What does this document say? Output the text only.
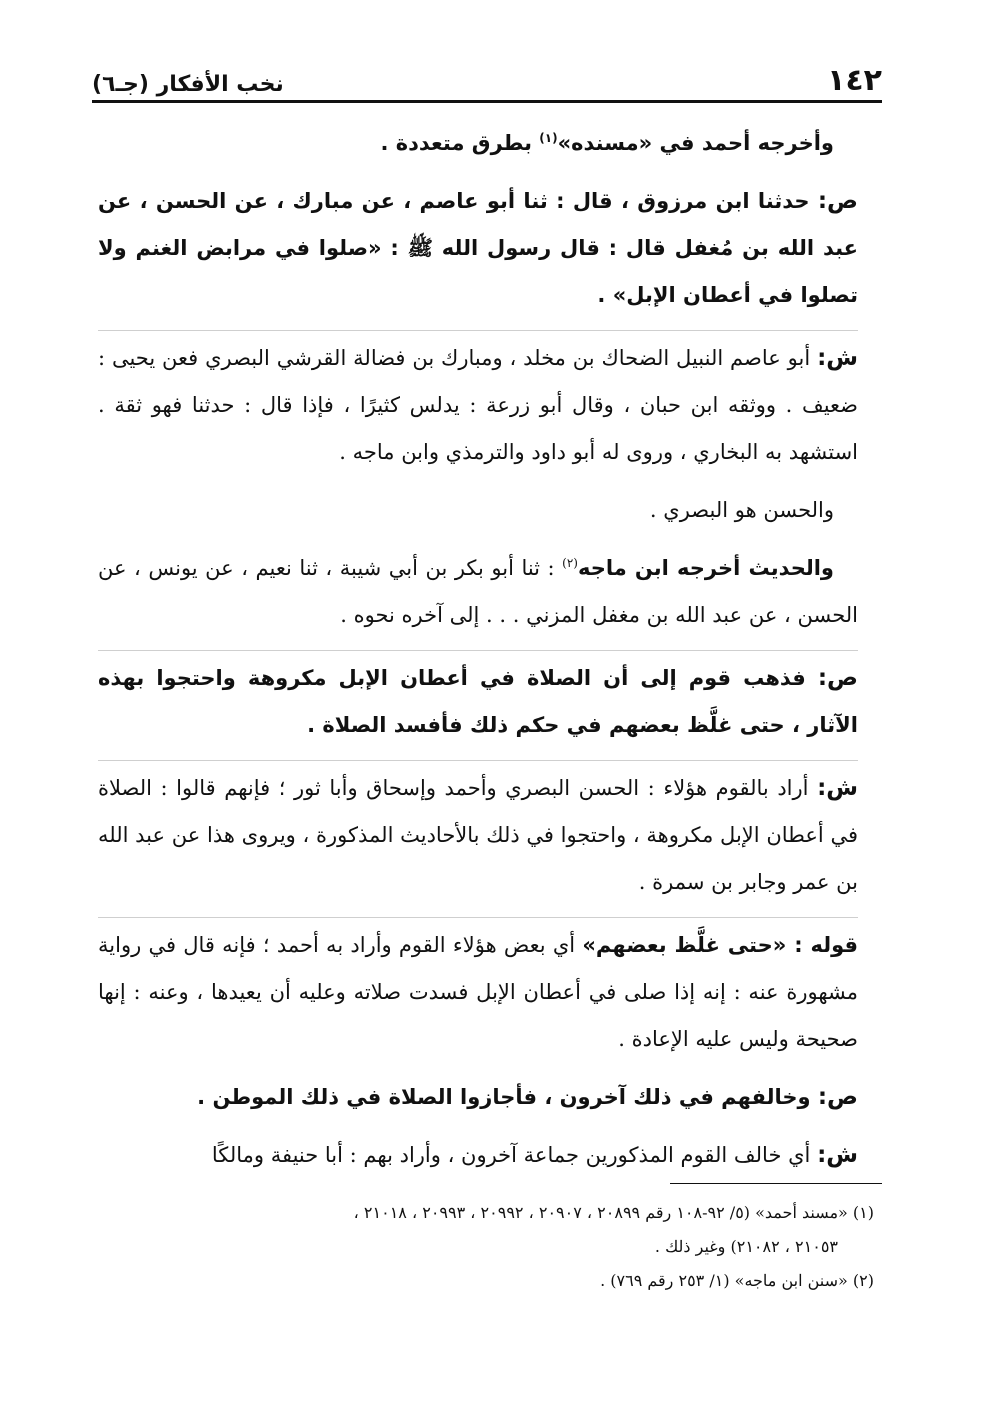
١٤٢
نخب الأفكار (جـ٦)

وأخرجه أحمد في «مسنده»$^{(١)}$ بطرق متعددة .

ص: حدثنا ابن مرزوق ، قال : ثنا أبو عاصم ، عن مبارك ، عن الحسن ، عن عبد الله بن مُغفل قال : قال رسول الله ﷺ : «صلوا في مرابض الغنم ولا تصلوا في أعطان الإبل» .

ش: أبو عاصم النبيل الضحاك بن مخلد ، ومبارك بن فضالة القرشي البصري فعن يحيى : ضعيف . ووثقه ابن حبان ، وقال أبو زرعة : يدلس كثيرًا ، فإذا قال : حدثنا فهو ثقة . استشهد به البخاري ، وروى له أبو داود والترمذي وابن ماجه .

والحسن هو البصري .

والحديث أخرجه ابن ماجه$^{(٢)}$ : ثنا أبو بكر بن أبي شيبة ، ثنا نعيم ، عن يونس ، عن الحسن ، عن عبد الله بن مغفل المزني . . . إلى آخره نحوه .

ص: فذهب قوم إلى أن الصلاة في أعطان الإبل مكروهة واحتجوا بهذه الآثار ، حتى غلَّظ بعضهم في حكم ذلك فأفسد الصلاة .

ش: أراد بالقوم هؤلاء : الحسن البصري وأحمد وإسحاق وأبا ثور ؛ فإنهم قالوا : الصلاة في أعطان الإبل مكروهة ، واحتجوا في ذلك بالأحاديث المذكورة ، ويروى هذا عن عبد الله بن عمر وجابر بن سمرة .

قوله : «حتى غلَّظ بعضهم» أي بعض هؤلاء القوم وأراد به أحمد ؛ فإنه قال في رواية مشهورة عنه : إنه إذا صلى في أعطان الإبل فسدت صلاته وعليه أن يعيدها ، وعنه : إنها صحيحة وليس عليه الإعادة .

ص: وخالفهم في ذلك آخرون ، فأجازوا الصلاة في ذلك الموطن .

ش: أي خالف القوم المذكورين جماعة آخرون ، وأراد بهم : أبا حنيفة ومالكًا

(١) «مسند أحمد» (٥/ ٩٢-١٠٨ رقم ٢٠٨٩٩ ، ٢٠٩٠٧ ، ٢٠٩٩٢ ، ٢٠٩٩٣ ، ٢١٠١٨ ،

٢١٠٥٣ ، ٢١٠٨٢) وغير ذلك .

(٢) «سنن ابن ماجه» (١/ ٢٥٣ رقم ٧٦٩) .
